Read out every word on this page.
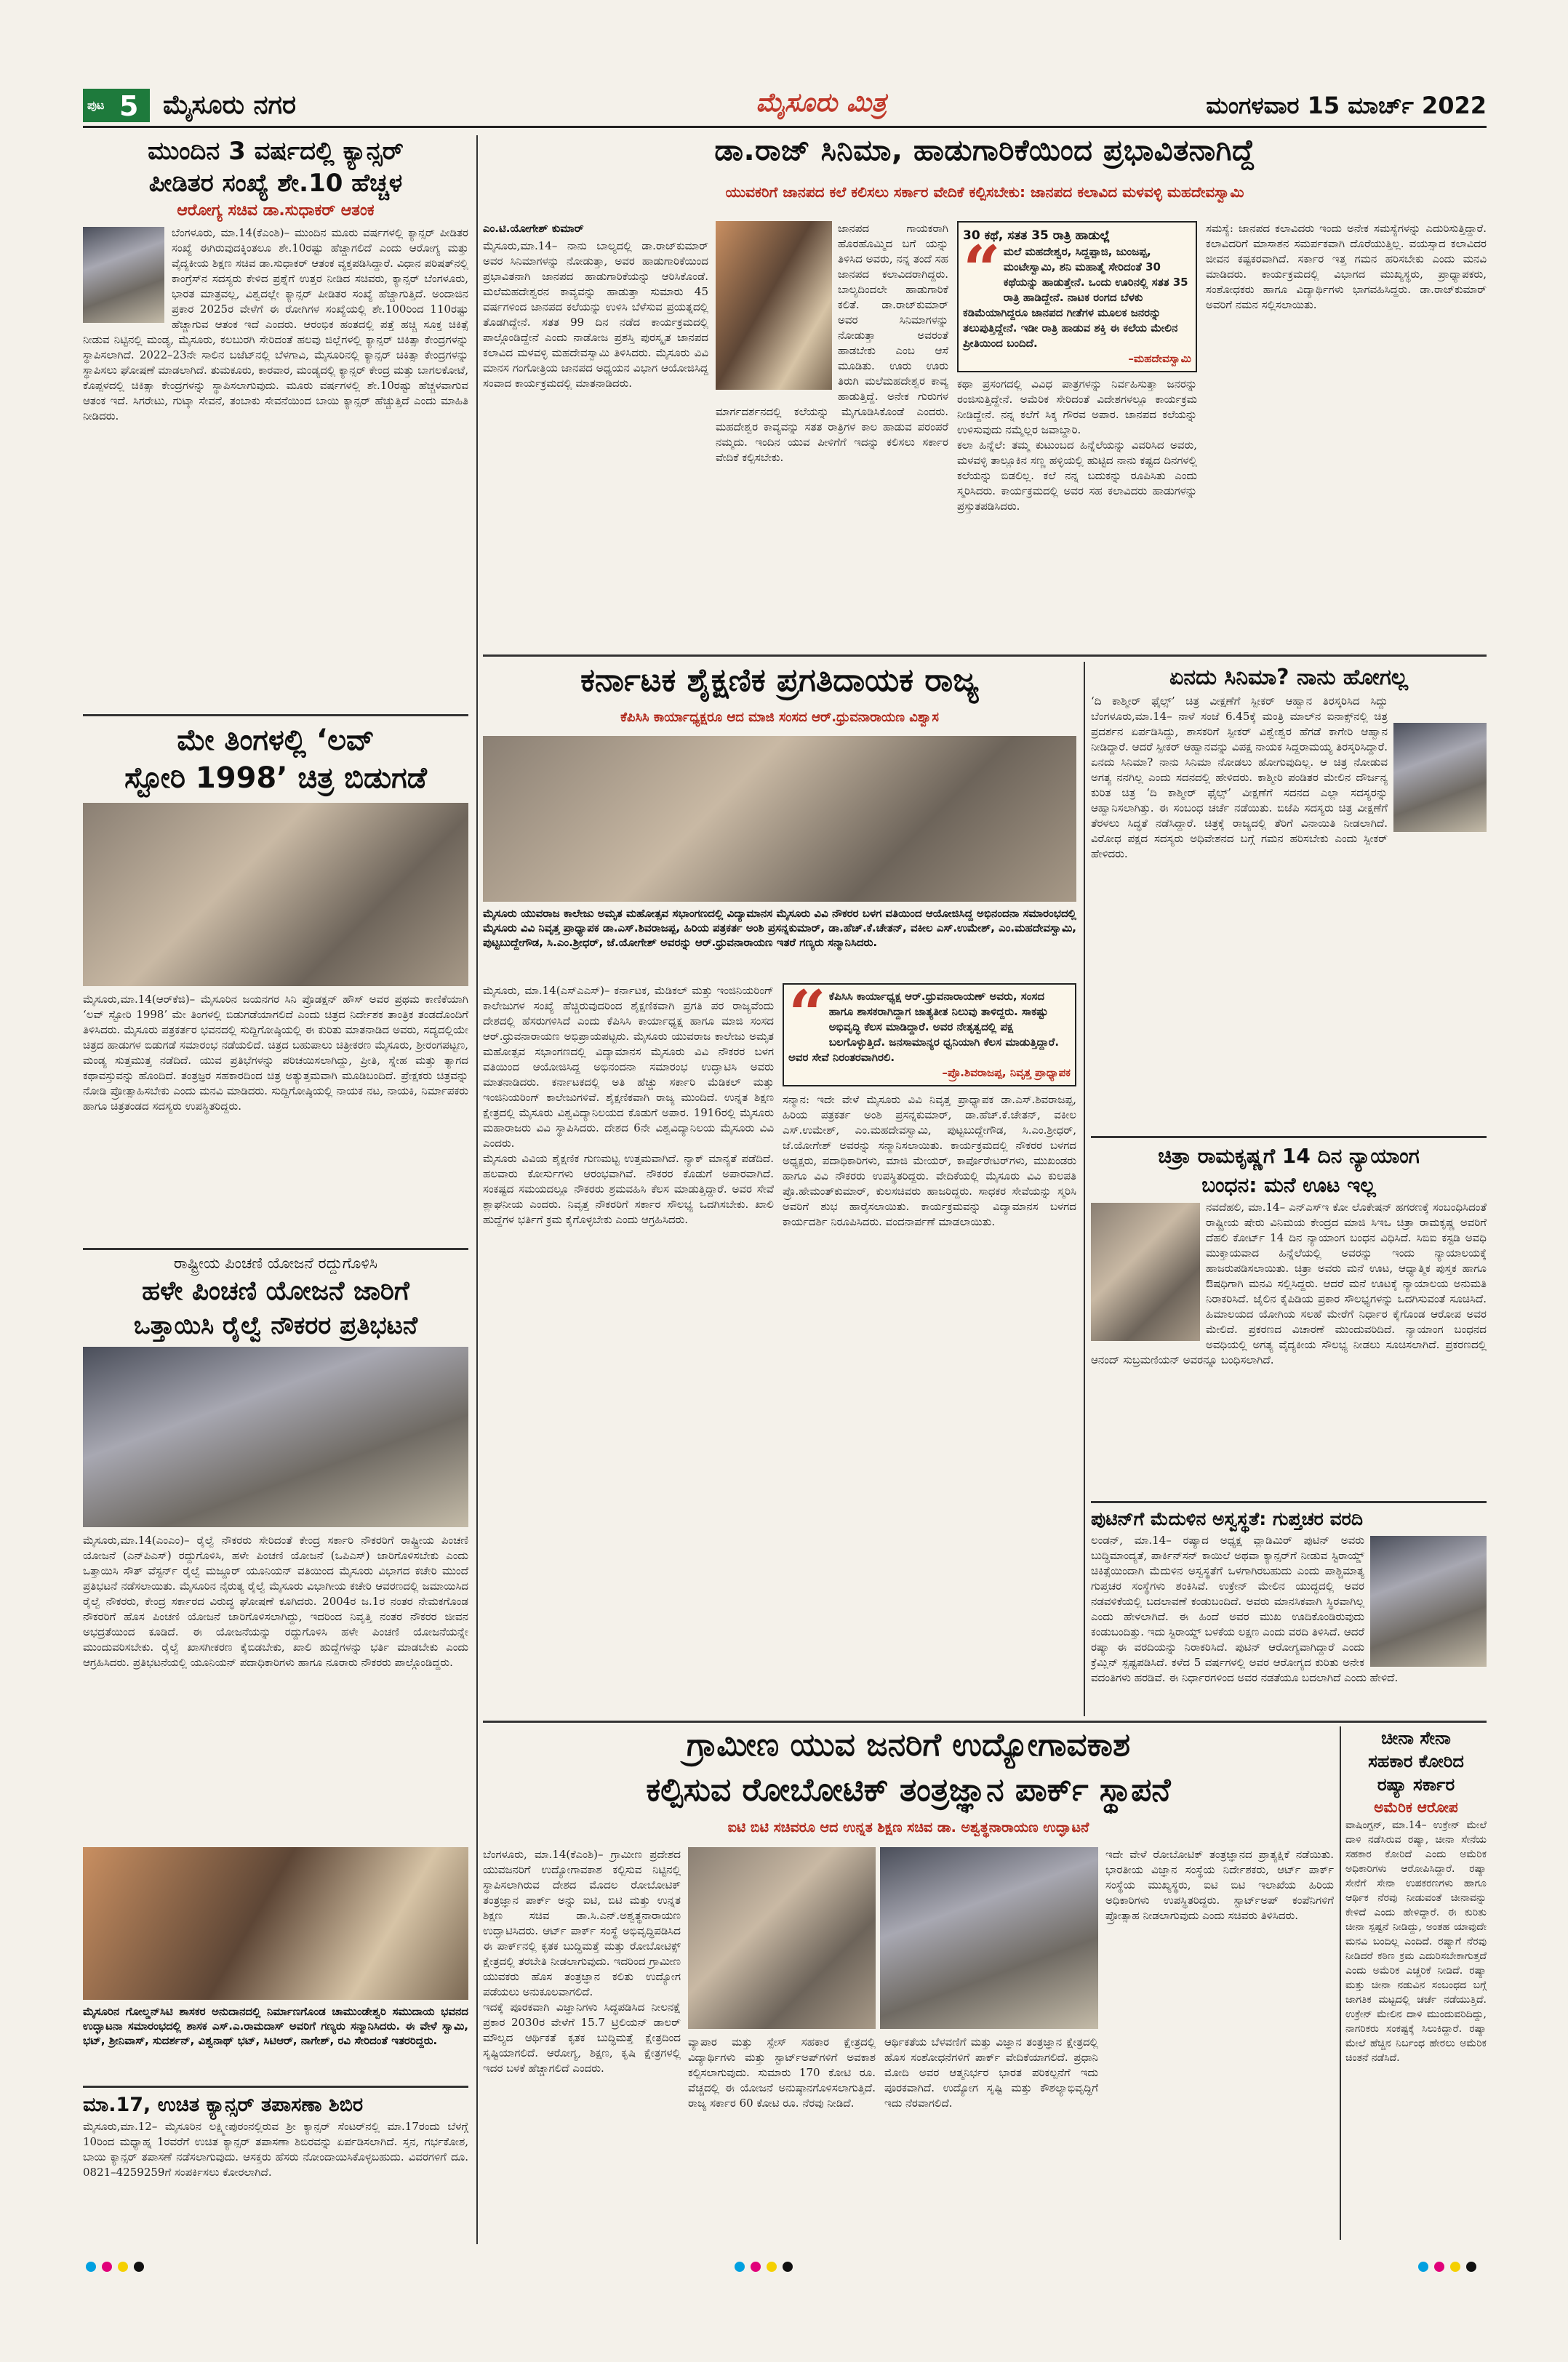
ಪುಟ 5 ಮೈಸೂರು ನಗರ	ಮೈಸೂರು ಮಿತ್ರ	ಮಂಗಳವಾರ 15 ಮಾರ್ಚ್ 2022

ಮುಂದಿನ 3 ವರ್ಷದಲ್ಲಿ ಕ್ಯಾನ್ಸರ್

ಪೀಡಿತರ ಸಂಖ್ಯೆ ಶೇ.10 ಹೆಚ್ಚಳ

ಆರೋಗ್ಯ ಸಚಿವ ಡಾ.ಸುಧಾಕರ್ ಆತಂಕ

ಬೆಂಗಳೂರು, ಮಾ.14(ಕೆಎಂಶಿ)– ಮುಂದಿನ ಮೂರು ವರ್ಷಗಳಲ್ಲಿ ಕ್ಯಾನ್ಸರ್ ಪೀಡಿತರ ಸಂಖ್ಯೆ ಈಗಿರುವುದಕ್ಕಿಂತಲೂ ಶೇ.10ರಷ್ಟು ಹೆಚ್ಚಾಗಲಿದೆ ಎಂದು ಆರೋಗ್ಯ ಮತ್ತು ವೈದ್ಯಕೀಯ ಶಿಕ್ಷಣ ಸಚಿವ ಡಾ.ಸುಧಾಕರ್ ಆತಂಕ ವ್ಯಕ್ತಪಡಿಸಿದ್ದಾರೆ. ವಿಧಾನ ಪರಿಷತ್‌ನಲ್ಲಿ ಕಾಂಗ್ರೆಸ್‌ನ ಸದಸ್ಯರು ಕೇಳಿದ ಪ್ರಶ್ನೆಗೆ ಉತ್ತರ ನೀಡಿದ ಸಚಿವರು, ಕ್ಯಾನ್ಸರ್ ಬೆಂಗಳೂರು, ಭಾರತ ಮಾತ್ರವಲ್ಲ, ವಿಶ್ವದಲ್ಲೇ ಕ್ಯಾನ್ಸರ್ ಪೀಡಿತರ ಸಂಖ್ಯೆ ಹೆಚ್ಚಾಗುತ್ತಿದೆ. ಅಂದಾಜಿನ ಪ್ರಕಾರ 2025ರ ವೇಳೆಗೆ ಈ ರೋಗಿಗಳ ಸಂಖ್ಯೆಯಲ್ಲಿ ಶೇ.100ರಿಂದ 110ರಷ್ಟು ಹೆಚ್ಚಾಗುವ ಆತಂಕ ಇದೆ ಎಂದರು. ಆರಂಭಿಕ ಹಂತದಲ್ಲಿ ಪತ್ತೆ ಹಚ್ಚಿ ಸೂಕ್ತ ಚಿಕಿತ್ಸೆ ನೀಡುವ ನಿಟ್ಟಿನಲ್ಲಿ ಮಂಡ್ಯ, ಮೈಸೂರು, ಕಲಬುರಗಿ ಸೇರಿದಂತೆ ಹಲವು ಜಿಲ್ಲೆಗಳಲ್ಲಿ ಕ್ಯಾನ್ಸರ್ ಚಿಕಿತ್ಸಾ ಕೇಂದ್ರಗಳನ್ನು ಸ್ಥಾಪಿಸಲಾಗಿದೆ. 2022–23ನೇ ಸಾಲಿನ ಬಜೆಟ್‌ನಲ್ಲಿ ಬೆಳಗಾವಿ, ಮೈಸೂರಿನಲ್ಲಿ ಕ್ಯಾನ್ಸರ್ ಚಿಕಿತ್ಸಾ ಕೇಂದ್ರಗಳನ್ನು ಸ್ಥಾಪಿಸಲು ಘೋಷಣೆ ಮಾಡಲಾಗಿದೆ. ತುಮಕೂರು, ಕಾರವಾರ, ಮಂಡ್ಯದಲ್ಲಿ ಕ್ಯಾನ್ಸರ್ ಕೇಂದ್ರ ಮತ್ತು ಬಾಗಲಕೋಟೆ, ಕೊಪ್ಪಳದಲ್ಲಿ ಚಿಕಿತ್ಸಾ ಕೇಂದ್ರಗಳನ್ನು ಸ್ಥಾಪಿಸಲಾಗುವುದು. ಮೂರು ವರ್ಷಗಳಲ್ಲಿ ಶೇ.10ರಷ್ಟು ಹೆಚ್ಚಳವಾಗುವ ಆತಂಕ ಇದೆ. ಸಿಗರೇಟು, ಗುಟ್ಕಾ ಸೇವನೆ, ತಂಬಾಕು ಸೇವನೆಯಿಂದ ಬಾಯಿ ಕ್ಯಾನ್ಸರ್ ಹೆಚ್ಚುತ್ತಿದೆ ಎಂದು ಮಾಹಿತಿ ನೀಡಿದರು.

ಮೇ ತಿಂಗಳಲ್ಲಿ ‘ಲವ್

ಸ್ಟೋರಿ 1998’ ಚಿತ್ರ ಬಿಡುಗಡೆ

ಮೈಸೂರು,ಮಾ.14(ಆರ್‌ಕೆಜಿ)– ಮೈಸೂರಿನ ಜಯನಗರ ಸಿನಿ ಪ್ರೊಡಕ್ಷನ್ ಹೌಸ್ ಅವರ ಪ್ರಥಮ ಕಾಣಿಕೆಯಾಗಿ ‘ಲವ್ ಸ್ಟೋರಿ 1998’ ಮೇ ತಿಂಗಳಲ್ಲಿ ಬಿಡುಗಡೆಯಾಗಲಿದೆ ಎಂದು ಚಿತ್ರದ ನಿರ್ದೇಶಕ ತಾಂತ್ರಿಕ ತಂಡದೊಂದಿಗೆ ತಿಳಿಸಿದರು. ಮೈಸೂರು ಪತ್ರಕರ್ತರ ಭವನದಲ್ಲಿ ಸುದ್ದಿಗೋಷ್ಠಿಯಲ್ಲಿ ಈ ಕುರಿತು ಮಾತನಾಡಿದ ಅವರು, ಸದ್ಯದಲ್ಲಿಯೇ ಚಿತ್ರದ ಹಾಡುಗಳ ಬಿಡುಗಡೆ ಸಮಾರಂಭ ನಡೆಯಲಿದೆ. ಚಿತ್ರದ ಬಹುಪಾಲು ಚಿತ್ರೀಕರಣ ಮೈಸೂರು, ಶ್ರೀರಂಗಪಟ್ಟಣ, ಮಂಡ್ಯ ಸುತ್ತಮುತ್ತ ನಡೆದಿದೆ. ಯುವ ಪ್ರತಿಭೆಗಳನ್ನು ಪರಿಚಯಿಸಲಾಗಿದ್ದು, ಪ್ರೀತಿ, ಸ್ನೇಹ ಮತ್ತು ತ್ಯಾಗದ ಕಥಾವಸ್ತುವನ್ನು ಹೊಂದಿದೆ. ತಂತ್ರಜ್ಞರ ಸಹಕಾರದಿಂದ ಚಿತ್ರ ಅತ್ಯುತ್ತಮವಾಗಿ ಮೂಡಿಬಂದಿದೆ. ಪ್ರೇಕ್ಷಕರು ಚಿತ್ರವನ್ನು ನೋಡಿ ಪ್ರೋತ್ಸಾಹಿಸಬೇಕು ಎಂದು ಮನವಿ ಮಾಡಿದರು. ಸುದ್ದಿಗೋಷ್ಠಿಯಲ್ಲಿ ನಾಯಕ ನಟ, ನಾಯಕಿ, ನಿರ್ಮಾಪಕರು ಹಾಗೂ ಚಿತ್ರತಂಡದ ಸದಸ್ಯರು ಉಪಸ್ಥಿತರಿದ್ದರು.

ರಾಷ್ಟ್ರೀಯ ಪಿಂಚಣಿ ಯೋಜನೆ ರದ್ದುಗೊಳಿಸಿ

ಹಳೇ ಪಿಂಚಣಿ ಯೋಜನೆ ಜಾರಿಗೆ

ಒತ್ತಾಯಿಸಿ ರೈಲ್ವೆ ನೌಕರರ ಪ್ರತಿಭಟನೆ

ಮೈಸೂರು,ಮಾ.14(ಎಂಎಂ)– ರೈಲ್ವೆ ನೌಕರರು ಸೇರಿದಂತೆ ಕೇಂದ್ರ ಸರ್ಕಾರಿ ನೌಕರರಿಗೆ ರಾಷ್ಟ್ರೀಯ ಪಿಂಚಣಿ ಯೋಜನೆ (ಎನ್‌ಪಿಎಸ್) ರದ್ದುಗೊಳಿಸಿ, ಹಳೇ ಪಿಂಚಣಿ ಯೋಜನೆ (ಒಪಿಎಸ್) ಜಾರಿಗೊಳಿಸಬೇಕು ಎಂದು ಒತ್ತಾಯಿಸಿ ಸೌತ್ ವೆಸ್ಟರ್ನ್ ರೈಲ್ವೆ ಮಜ್ದೂರ್ ಯೂನಿಯನ್ ವತಿಯಿಂದ ಮೈಸೂರು ವಿಭಾಗದ ಕಚೇರಿ ಮುಂದೆ ಪ್ರತಿಭಟನೆ ನಡೆಸಲಾಯಿತು. ಮೈಸೂರಿನ ನೈರುತ್ಯ ರೈಲ್ವೆ ಮೈಸೂರು ವಿಭಾಗೀಯ ಕಚೇರಿ ಆವರಣದಲ್ಲಿ ಜಮಾಯಿಸಿದ ರೈಲ್ವೆ ನೌಕರರು, ಕೇಂದ್ರ ಸರ್ಕಾರದ ವಿರುದ್ಧ ಘೋಷಣೆ ಕೂಗಿದರು. 2004ರ ಜ.1ರ ನಂತರ ನೇಮಕಗೊಂಡ ನೌಕರರಿಗೆ ಹೊಸ ಪಿಂಚಣಿ ಯೋಜನೆ ಜಾರಿಗೊಳಿಸಲಾಗಿದ್ದು, ಇದರಿಂದ ನಿವೃತ್ತಿ ನಂತರ ನೌಕರರ ಜೀವನ ಅಭದ್ರತೆಯಿಂದ ಕೂಡಿದೆ. ಈ ಯೋಜನೆಯನ್ನು ರದ್ದುಗೊಳಿಸಿ ಹಳೇ ಪಿಂಚಣಿ ಯೋಜನೆಯನ್ನೇ ಮುಂದುವರಿಸಬೇಕು. ರೈಲ್ವೆ ಖಾಸಗೀಕರಣ ಕೈಬಿಡಬೇಕು, ಖಾಲಿ ಹುದ್ದೆಗಳನ್ನು ಭರ್ತಿ ಮಾಡಬೇಕು ಎಂದು ಆಗ್ರಹಿಸಿದರು. ಪ್ರತಿಭಟನೆಯಲ್ಲಿ ಯೂನಿಯನ್ ಪದಾಧಿಕಾರಿಗಳು ಹಾಗೂ ನೂರಾರು ನೌಕರರು ಪಾಲ್ಗೊಂಡಿದ್ದರು.

ಮೈಸೂರಿನ ಗೋಲ್ಡನ್‌ಸಿಟಿ ಶಾಸಕರ ಅನುದಾನದಲ್ಲಿ ನಿರ್ಮಾಣಗೊಂಡ ಚಾಮುಂಡೇಶ್ವರಿ ಸಮುದಾಯ ಭವನದ ಉದ್ಘಾಟನಾ ಸಮಾರಂಭದಲ್ಲಿ ಶಾಸಕ ಎಸ್.ಎ.ರಾಮದಾಸ್ ಅವರಿಗೆ ಗಣ್ಯರು ಸನ್ಮಾನಿಸಿದರು. ಈ ವೇಳೆ ಸ್ವಾಮಿ, ಭಟ್, ಶ್ರೀನಿವಾಸ್, ಸುದರ್ಶನ್, ವಿಶ್ವನಾಥ್ ಭಟ್, ಸಿಟಿಆರ್, ನಾಗೇಶ್, ರವಿ ಸೇರಿದಂತೆ ಇತರರಿದ್ದರು.

ಮಾ.17, ಉಚಿತ ಕ್ಯಾನ್ಸರ್ ತಪಾಸಣಾ ಶಿಬಿರ

ಮೈಸೂರು,ಮಾ.12– ಮೈಸೂರಿನ ಲಕ್ಷ್ಮೀಪುರಂನಲ್ಲಿರುವ ಶ್ರೀ ಕ್ಯಾನ್ಸರ್ ಸೆಂಟರ್‌ನಲ್ಲಿ ಮಾ.17ರಂದು ಬೆಳಗ್ಗೆ 10ರಿಂದ ಮಧ್ಯಾಹ್ನ 1ರವರೆಗೆ ಉಚಿತ ಕ್ಯಾನ್ಸರ್ ತಪಾಸಣಾ ಶಿಬಿರವನ್ನು ಏರ್ಪಡಿಸಲಾಗಿದೆ. ಸ್ತನ, ಗರ್ಭಕೋಶ, ಬಾಯಿ ಕ್ಯಾನ್ಸರ್ ತಪಾಸಣೆ ನಡೆಸಲಾಗುವುದು. ಆಸಕ್ತರು ಹೆಸರು ನೋಂದಾಯಿಸಿಕೊಳ್ಳಬಹುದು. ವಿವರಗಳಿಗೆ ದೂ. 0821–4259259ಗೆ ಸಂಪರ್ಕಿಸಲು ಕೋರಲಾಗಿದೆ.

ಡಾ.ರಾಜ್ ಸಿನಿಮಾ, ಹಾಡುಗಾರಿಕೆಯಿಂದ ಪ್ರಭಾವಿತನಾಗಿದ್ದೆ
ಯುವಕರಿಗೆ ಜಾನಪದ ಕಲೆ ಕಲಿಸಲು ಸರ್ಕಾರ ವೇದಿಕೆ ಕಲ್ಪಿಸಬೇಕು: ಜಾನಪದ ಕಲಾವಿದ ಮಳವಳ್ಳಿ ಮಹದೇವಸ್ವಾಮಿ

ಎಂ.ಟಿ.ಯೋಗೇಶ್ ಕುಮಾರ್

ಮೈಸೂರು,ಮಾ.14– ನಾನು ಬಾಲ್ಯದಲ್ಲಿ ಡಾ.ರಾಜ್‌ಕುಮಾರ್ ಅವರ ಸಿನಿಮಾಗಳನ್ನು ನೋಡುತ್ತಾ, ಅವರ ಹಾಡುಗಾರಿಕೆಯಿಂದ ಪ್ರಭಾವಿತನಾಗಿ ಜಾನಪದ ಹಾಡುಗಾರಿಕೆಯನ್ನು ಆರಿಸಿಕೊಂಡೆ. ಮಲೆಮಹದೇಶ್ವರನ ಕಾವ್ಯವನ್ನು ಹಾಡುತ್ತಾ ಸುಮಾರು 45 ವರ್ಷಗಳಿಂದ ಜಾನಪದ ಕಲೆಯನ್ನು ಉಳಿಸಿ ಬೆಳೆಸುವ ಪ್ರಯತ್ನದಲ್ಲಿ ತೊಡಗಿದ್ದೇನೆ. ಸತತ 99 ದಿನ ನಡೆದ ಕಾರ್ಯಕ್ರಮದಲ್ಲಿ ಪಾಲ್ಗೊಂಡಿದ್ದೇನೆ ಎಂದು ನಾಡೋಜ ಪ್ರಶಸ್ತಿ ಪುರಸ್ಕೃತ ಜಾನಪದ ಕಲಾವಿದ ಮಳವಳ್ಳಿ ಮಹದೇವಸ್ವಾಮಿ ತಿಳಿಸಿದರು. ಮೈಸೂರು ವಿವಿ ಮಾನಸ ಗಂಗೋತ್ರಿಯ ಜಾನಪದ ಅಧ್ಯಯನ ವಿಭಾಗ ಆಯೋಜಿಸಿದ್ದ ಸಂವಾದ ಕಾರ್ಯಕ್ರಮದಲ್ಲಿ ಮಾತನಾಡಿದರು.

ಜಾನಪದ ಗಾಯಕರಾಗಿ ಹೊರಹೊಮ್ಮಿದ ಬಗೆ ಯನ್ನು ತಿಳಿಸಿದ ಅವರು, ನನ್ನ ತಂದೆ ಸಹ ಜಾನಪದ ಕಲಾವಿದರಾಗಿದ್ದರು. ಬಾಲ್ಯದಿಂದಲೇ ಹಾಡುಗಾರಿಕೆ ಕಲಿತೆ. ಡಾ.ರಾಜ್‌ಕುಮಾರ್ ಅವರ ಸಿನಿಮಾಗಳನ್ನು ನೋಡುತ್ತಾ ಅವರಂತೆ ಹಾಡಬೇಕು ಎಂಬ ಆಸೆ ಮೂಡಿತು. ಊರು ಊರು ತಿರುಗಿ ಮಲೆಮಹದೇಶ್ವರ ಕಾವ್ಯ ಹಾಡುತ್ತಿದ್ದೆ. ಅನೇಕ ಗುರುಗಳ ಮಾರ್ಗದರ್ಶನದಲ್ಲಿ ಕಲೆಯನ್ನು ಮೈಗೂಡಿಸಿಕೊಂಡೆ ಎಂದರು. ಮಹದೇಶ್ವರ ಕಾವ್ಯವನ್ನು ಸತತ ರಾತ್ರಿಗಳ ಕಾಲ ಹಾಡುವ ಪರಂಪರೆ ನಮ್ಮದು. ಇಂದಿನ ಯುವ ಪೀಳಿಗೆಗೆ ಇದನ್ನು ಕಲಿಸಲು ಸರ್ಕಾರ ವೇದಿಕೆ ಕಲ್ಪಿಸಬೇಕು.

30 ಕಥೆ, ಸತತ 35 ರಾತ್ರಿ ಹಾಡುಲ್ಲೆ

“ ಮಲೆ ಮಹದೇಶ್ವರ, ಸಿದ್ದಪ್ಪಾಜಿ, ಜುಂಜಪ್ಪ, ಮಂಟೇಸ್ವಾಮಿ, ಶನಿ ಮಹಾತ್ಮೆ ಸೇರಿದಂತೆ 30 ಕಥೆಯನ್ನು ಹಾಡುತ್ತೇನೆ. ಒಂದು ಊರಿನಲ್ಲಿ ಸತತ 35 ರಾತ್ರಿ ಹಾಡಿದ್ದೇನೆ. ನಾಟಕ ರಂಗದ ಬೆಳಕು ಕಡಿಮೆಯಾಗಿದ್ದರೂ ಜಾನಪದ ಗೀತೆಗಳ ಮೂಲಕ ಜನರನ್ನು ತಲುಪುತ್ತಿದ್ದೇನೆ. ಇಡೀ ರಾತ್ರಿ ಹಾಡುವ ಶಕ್ತಿ ಈ ಕಲೆಯ ಮೇಲಿನ ಪ್ರೀತಿಯಿಂದ ಬಂದಿದೆ.

–ಮಹದೇವಸ್ವಾಮಿ

ಕಥಾ ಪ್ರಸಂಗದಲ್ಲಿ ವಿವಿಧ ಪಾತ್ರಗಳನ್ನು ನಿರ್ವಹಿಸುತ್ತಾ ಜನರನ್ನು ರಂಜಿಸುತ್ತಿದ್ದೇನೆ. ಅಮೆರಿಕ ಸೇರಿದಂತೆ ವಿದೇಶಗಳಲ್ಲೂ ಕಾರ್ಯಕ್ರಮ ನೀಡಿದ್ದೇನೆ. ನನ್ನ ಕಲೆಗೆ ಸಿಕ್ಕ ಗೌರವ ಅಪಾರ. ಜಾನಪದ ಕಲೆಯನ್ನು ಉಳಿಸುವುದು ನಮ್ಮೆಲ್ಲರ ಜವಾಬ್ದಾರಿ.

ಕಲಾ ಹಿನ್ನೆಲೆ: ತಮ್ಮ ಕುಟುಂಬದ ಹಿನ್ನೆಲೆಯನ್ನು ವಿವರಿಸಿದ ಅವರು, ಮಳವಳ್ಳಿ ತಾಲ್ಲೂಕಿನ ಸಣ್ಣ ಹಳ್ಳಿಯಲ್ಲಿ ಹುಟ್ಟಿದ ನಾನು ಕಷ್ಟದ ದಿನಗಳಲ್ಲಿ ಕಲೆಯನ್ನು ಬಿಡಲಿಲ್ಲ. ಕಲೆ ನನ್ನ ಬದುಕನ್ನು ರೂಪಿಸಿತು ಎಂದು ಸ್ಮರಿಸಿದರು. ಕಾರ್ಯಕ್ರಮದಲ್ಲಿ ಅವರ ಸಹ ಕಲಾವಿದರು ಹಾಡುಗಳನ್ನು ಪ್ರಸ್ತುತಪಡಿಸಿದರು.

ಸಮಸ್ಯೆ: ಜಾನಪದ ಕಲಾವಿದರು ಇಂದು ಅನೇಕ ಸಮಸ್ಯೆಗಳನ್ನು ಎದುರಿಸುತ್ತಿದ್ದಾರೆ. ಕಲಾವಿದರಿಗೆ ಮಾಸಾಶನ ಸಮರ್ಪಕವಾಗಿ ದೊರೆಯುತ್ತಿಲ್ಲ. ವಯಸ್ಸಾದ ಕಲಾವಿದರ ಜೀವನ ಕಷ್ಟಕರವಾಗಿದೆ. ಸರ್ಕಾರ ಇತ್ತ ಗಮನ ಹರಿಸಬೇಕು ಎಂದು ಮನವಿ ಮಾಡಿದರು. ಕಾರ್ಯಕ್ರಮದಲ್ಲಿ ವಿಭಾಗದ ಮುಖ್ಯಸ್ಥರು, ಪ್ರಾಧ್ಯಾಪಕರು, ಸಂಶೋಧಕರು ಹಾಗೂ ವಿದ್ಯಾರ್ಥಿಗಳು ಭಾಗವಹಿಸಿದ್ದರು. ಡಾ.ರಾಜ್‌ಕುಮಾರ್ ಅವರಿಗೆ ನಮನ ಸಲ್ಲಿಸಲಾಯಿತು.

ಕರ್ನಾಟಕ ಶೈಕ್ಷಣಿಕ ಪ್ರಗತಿದಾಯಕ ರಾಜ್ಯ
ಕೆಪಿಸಿಸಿ ಕಾರ್ಯಾಧ್ಯಕ್ಷರೂ ಆದ ಮಾಜಿ ಸಂಸದ ಆರ್.ಧ್ರುವನಾರಾಯಣ ವಿಶ್ವಾಸ

ಮೈಸೂರು ಯುವರಾಜ ಕಾಲೇಜು ಅಮೃತ ಮಹೋತ್ಸವ ಸಭಾಂಗಣದಲ್ಲಿ ವಿದ್ಯಾಮಾನಸ ಮೈಸೂರು ವಿವಿ ನೌಕರರ ಬಳಗ ವತಿಯಿಂದ ಆಯೋಜಿಸಿದ್ದ ಅಭಿನಂದನಾ ಸಮಾರಂಭದಲ್ಲಿ ಮೈಸೂರು ವಿವಿ ನಿವೃತ್ತ ಪ್ರಾಧ್ಯಾಪಕ ಡಾ.ಎಸ್.ಶಿವರಾಜಪ್ಪ, ಹಿರಿಯ ಪತ್ರಕರ್ತ ಅಂಶಿ ಪ್ರಸನ್ನಕುಮಾರ್, ಡಾ.ಹೆಚ್.ಕೆ.ಚೇತನ್, ವಕೀಲ ಎಸ್.ಉಮೇಶ್, ಎಂ.ಮಹದೇವಸ್ವಾಮಿ, ಪುಟ್ಟಬುದ್ದೇಗೌಡ, ಸಿ.ಎಂ.ಶ್ರೀಧರ್, ಜೆ.ಯೋಗೇಶ್ ಅವರನ್ನು ಆರ್.ಧ್ರುವನಾರಾಯಣ ಇತರೆ ಗಣ್ಯರು ಸನ್ಮಾನಿಸಿದರು.

ಮೈಸೂರು, ಮಾ.14(ಎಸ್‌ಎಎಸ್)– ಕರ್ನಾಟಕ, ಮೆಡಿಕಲ್ ಮತ್ತು ಇಂಜಿನಿಯರಿಂಗ್ ಕಾಲೇಜುಗಳ ಸಂಖ್ಯೆ ಹೆಚ್ಚಿರುವುದರಿಂದ ಶೈಕ್ಷಣಿಕವಾಗಿ ಪ್ರಗತಿ ಪರ ರಾಜ್ಯವೆಂದು ದೇಶದಲ್ಲಿ ಹೆಸರುಗಳಿಸಿದೆ ಎಂದು ಕೆಪಿಸಿಸಿ ಕಾರ್ಯಾಧ್ಯಕ್ಷ ಹಾಗೂ ಮಾಜಿ ಸಂಸದ ಆರ್.ಧ್ರುವನಾರಾಯಣ ಅಭಿಪ್ರಾಯಪಟ್ಟರು. ಮೈಸೂರು ಯುವರಾಜ ಕಾಲೇಜು ಅಮೃತ ಮಹೋತ್ಸವ ಸಭಾಂಗಣದಲ್ಲಿ ವಿದ್ಯಾಮಾನಸ ಮೈಸೂರು ವಿವಿ ನೌಕರರ ಬಳಗ ವತಿಯಿಂದ ಆಯೋಜಿಸಿದ್ದ ಅಭಿನಂದನಾ ಸಮಾರಂಭ ಉದ್ಘಾಟಿಸಿ ಅವರು ಮಾತನಾಡಿದರು. ಕರ್ನಾಟಕದಲ್ಲಿ ಅತಿ ಹೆಚ್ಚು ಸರ್ಕಾರಿ ಮೆಡಿಕಲ್ ಮತ್ತು ಇಂಜಿನಿಯರಿಂಗ್ ಕಾಲೇಜುಗಳಿವೆ. ಶೈಕ್ಷಣಿಕವಾಗಿ ರಾಜ್ಯ ಮುಂದಿದೆ. ಉನ್ನತ ಶಿಕ್ಷಣ ಕ್ಷೇತ್ರದಲ್ಲಿ ಮೈಸೂರು ವಿಶ್ವವಿದ್ಯಾನಿಲಯದ ಕೊಡುಗೆ ಅಪಾರ. 1916ರಲ್ಲಿ ಮೈಸೂರು ಮಹಾರಾಜರು ವಿವಿ ಸ್ಥಾಪಿಸಿದರು. ದೇಶದ 6ನೇ ವಿಶ್ವವಿದ್ಯಾನಿಲಯ ಮೈಸೂರು ವಿವಿ ಎಂದರು.

ಮೈಸೂರು ವಿವಿಯ ಶೈಕ್ಷಣಿಕ ಗುಣಮಟ್ಟ ಉತ್ತಮವಾಗಿದೆ. ನ್ಯಾಕ್ ಮಾನ್ಯತೆ ಪಡೆದಿದೆ. ಹಲವಾರು ಕೋರ್ಸುಗಳು ಆರಂಭವಾಗಿವೆ. ನೌಕರರ ಕೊಡುಗೆ ಅಪಾರವಾಗಿದೆ. ಸಂಕಷ್ಟದ ಸಮಯದಲ್ಲೂ ನೌಕರರು ಶ್ರಮವಹಿಸಿ ಕೆಲಸ ಮಾಡುತ್ತಿದ್ದಾರೆ. ಅವರ ಸೇವೆ ಶ್ಲಾಘನೀಯ ಎಂದರು. ನಿವೃತ್ತ ನೌಕರರಿಗೆ ಸರ್ಕಾರ ಸೌಲಭ್ಯ ಒದಗಿಸಬೇಕು. ಖಾಲಿ ಹುದ್ದೆಗಳ ಭರ್ತಿಗೆ ಕ್ರಮ ಕೈಗೊಳ್ಳಬೇಕು ಎಂದು ಆಗ್ರಹಿಸಿದರು.

“ ಕೆಪಿಸಿಸಿ ಕಾರ್ಯಾಧ್ಯಕ್ಷ ಆರ್.ಧ್ರುವನಾರಾಯಣ್ ಅವರು, ಸಂಸದ ಹಾಗೂ ಶಾಸಕರಾಗಿದ್ದಾಗ ಜಾತ್ಯತೀತ ನಿಲುವು ತಾಳಿದ್ದರು. ಸಾಕಷ್ಟು ಅಭಿವೃದ್ಧಿ ಕೆಲಸ ಮಾಡಿದ್ದಾರೆ. ಅವರ ನೇತೃತ್ವದಲ್ಲಿ ಪಕ್ಷ ಬಲಗೊಳ್ಳುತ್ತಿದೆ. ಜನಸಾಮಾನ್ಯರ ಧ್ವನಿಯಾಗಿ ಕೆಲಸ ಮಾಡುತ್ತಿದ್ದಾರೆ. ಅವರ ಸೇವೆ ನಿರಂತರವಾಗಿರಲಿ.

–ಪ್ರೊ.ಶಿವರಾಜಪ್ಪ, ನಿವೃತ್ತ ಪ್ರಾಧ್ಯಾಪಕ

ಸನ್ಮಾನ: ಇದೇ ವೇಳೆ ಮೈಸೂರು ವಿವಿ ನಿವೃತ್ತ ಪ್ರಾಧ್ಯಾಪಕ ಡಾ.ಎಸ್.ಶಿವರಾಜಪ್ಪ, ಹಿರಿಯ ಪತ್ರಕರ್ತ ಅಂಶಿ ಪ್ರಸನ್ನಕುಮಾರ್, ಡಾ.ಹೆಚ್.ಕೆ.ಚೇತನ್, ವಕೀಲ ಎಸ್.ಉಮೇಶ್, ಎಂ.ಮಹದೇವಸ್ವಾಮಿ, ಪುಟ್ಟಬುದ್ದೇಗೌಡ, ಸಿ.ಎಂ.ಶ್ರೀಧರ್, ಜೆ.ಯೋಗೇಶ್ ಅವರನ್ನು ಸನ್ಮಾನಿಸಲಾಯಿತು. ಕಾರ್ಯಕ್ರಮದಲ್ಲಿ ನೌಕರರ ಬಳಗದ ಅಧ್ಯಕ್ಷರು, ಪದಾಧಿಕಾರಿಗಳು, ಮಾಜಿ ಮೇಯರ್, ಕಾರ್ಪೊರೇಟರ್‌ಗಳು, ಮುಖಂಡರು ಹಾಗೂ ವಿವಿ ನೌಕರರು ಉಪಸ್ಥಿತರಿದ್ದರು. ವೇದಿಕೆಯಲ್ಲಿ ಮೈಸೂರು ವಿವಿ ಕುಲಪತಿ ಪ್ರೊ.ಹೇಮಂತ್‌ಕುಮಾರ್, ಕುಲಸಚಿವರು ಹಾಜರಿದ್ದರು. ಸಾಧಕರ ಸೇವೆಯನ್ನು ಸ್ಮರಿಸಿ ಅವರಿಗೆ ಶುಭ ಹಾರೈಸಲಾಯಿತು. ಕಾರ್ಯಕ್ರಮವನ್ನು ವಿದ್ಯಾಮಾನಸ ಬಳಗದ ಕಾರ್ಯದರ್ಶಿ ನಿರೂಪಿಸಿದರು. ವಂದನಾರ್ಪಣೆ ಮಾಡಲಾಯಿತು.

ಏನದು ಸಿನಿಮಾ? ನಾನು ಹೋಗಲ್ಲ

‘ದಿ ಕಾಶ್ಮೀರ್ ಫೈಲ್ಸ್’ ಚಿತ್ರ ವೀಕ್ಷಣೆಗೆ ಸ್ಪೀಕರ್ ಆಹ್ವಾನ ತಿರಸ್ಕರಿಸಿದ ಸಿದ್ದು ಬೆಂಗಳೂರು,ಮಾ.14– ನಾಳೆ ಸಂಜೆ 6.45ಕ್ಕೆ ಮಂತ್ರಿ ಮಾಲ್‌ನ ಐನಾಕ್ಸ್‌ನಲ್ಲಿ ಚಿತ್ರ ಪ್ರದರ್ಶನ ಏರ್ಪಡಿಸಿದ್ದು, ಶಾಸಕರಿಗೆ ಸ್ಪೀಕರ್ ವಿಶ್ವೇಶ್ವರ ಹೆಗಡೆ ಕಾಗೇರಿ ಆಹ್ವಾನ ನೀಡಿದ್ದಾರೆ. ಆದರೆ ಸ್ಪೀಕರ್ ಆಹ್ವಾನವನ್ನು ವಿಪಕ್ಷ ನಾಯಕ ಸಿದ್ದರಾಮಯ್ಯ ತಿರಸ್ಕರಿಸಿದ್ದಾರೆ. ಏನದು ಸಿನಿಮಾ? ನಾನು ಸಿನಿಮಾ ನೋಡಲು ಹೋಗುವುದಿಲ್ಲ. ಆ ಚಿತ್ರ ನೋಡುವ ಅಗತ್ಯ ನನಗಿಲ್ಲ ಎಂದು ಸದನದಲ್ಲಿ ಹೇಳಿದರು. ಕಾಶ್ಮೀರಿ ಪಂಡಿತರ ಮೇಲಿನ ದೌರ್ಜನ್ಯ ಕುರಿತ ಚಿತ್ರ ‘ದಿ ಕಾಶ್ಮೀರ್ ಫೈಲ್ಸ್’ ವೀಕ್ಷಣೆಗೆ ಸದನದ ಎಲ್ಲಾ ಸದಸ್ಯರನ್ನು ಆಹ್ವಾನಿಸಲಾಗಿತ್ತು. ಈ ಸಂಬಂಧ ಚರ್ಚೆ ನಡೆಯಿತು. ಬಿಜೆಪಿ ಸದಸ್ಯರು ಚಿತ್ರ ವೀಕ್ಷಣೆಗೆ ತೆರಳಲು ಸಿದ್ಧತೆ ನಡೆಸಿದ್ದಾರೆ. ಚಿತ್ರಕ್ಕೆ ರಾಜ್ಯದಲ್ಲಿ ತೆರಿಗೆ ವಿನಾಯಿತಿ ನೀಡಲಾಗಿದೆ. ವಿರೋಧ ಪಕ್ಷದ ಸದಸ್ಯರು ಅಧಿವೇಶನದ ಬಗ್ಗೆ ಗಮನ ಹರಿಸಬೇಕು ಎಂದು ಸ್ಪೀಕರ್ ಹೇಳಿದರು.

ಚಿತ್ರಾ ರಾಮಕೃಷ್ಣಗೆ 14 ದಿನ ನ್ಯಾಯಾಂಗ

ಬಂಧನ: ಮನೆ ಊಟ ಇಲ್ಲ

ನವದೆಹಲಿ, ಮಾ.14– ಎನ್‌ಎಸ್‌ಇ ಕೋ ಲೊಕೇಷನ್ ಹಗರಣಕ್ಕೆ ಸಂಬಂಧಿಸಿದಂತೆ ರಾಷ್ಟ್ರೀಯ ಷೇರು ವಿನಿಮಯ ಕೇಂದ್ರದ ಮಾಜಿ ಸಿಇಒ ಚಿತ್ರಾ ರಾಮಕೃಷ್ಣ ಅವರಿಗೆ ದೆಹಲಿ ಕೋರ್ಟ್ 14 ದಿನ ನ್ಯಾಯಾಂಗ ಬಂಧನ ವಿಧಿಸಿದೆ. ಸಿಬಿಐ ಕಸ್ಟಡಿ ಅವಧಿ ಮುಕ್ತಾಯವಾದ ಹಿನ್ನೆಲೆಯಲ್ಲಿ ಅವರನ್ನು ಇಂದು ನ್ಯಾಯಾಲಯಕ್ಕೆ ಹಾಜರುಪಡಿಸಲಾಯಿತು. ಚಿತ್ರಾ ಅವರು ಮನೆ ಊಟ, ಆಧ್ಯಾತ್ಮಿಕ ಪುಸ್ತಕ ಹಾಗೂ ಔಷಧಿಗಾಗಿ ಮನವಿ ಸಲ್ಲಿಸಿದ್ದರು. ಆದರೆ ಮನೆ ಊಟಕ್ಕೆ ನ್ಯಾಯಾಲಯ ಅನುಮತಿ ನಿರಾಕರಿಸಿದೆ. ಜೈಲಿನ ಕೈಪಿಡಿಯ ಪ್ರಕಾರ ಸೌಲಭ್ಯಗಳನ್ನು ಒದಗಿಸುವಂತೆ ಸೂಚಿಸಿದೆ. ಹಿಮಾಲಯದ ಯೋಗಿಯ ಸಲಹೆ ಮೇರೆಗೆ ನಿರ್ಧಾರ ಕೈಗೊಂಡ ಆರೋಪ ಅವರ ಮೇಲಿದೆ. ಪ್ರಕರಣದ ವಿಚಾರಣೆ ಮುಂದುವರಿದಿದೆ. ನ್ಯಾಯಾಂಗ ಬಂಧನದ ಅವಧಿಯಲ್ಲಿ ಅಗತ್ಯ ವೈದ್ಯಕೀಯ ಸೌಲಭ್ಯ ನೀಡಲು ಸೂಚಿಸಲಾಗಿದೆ. ಪ್ರಕರಣದಲ್ಲಿ ಆನಂದ್ ಸುಬ್ರಮಣಿಯನ್ ಅವರನ್ನೂ ಬಂಧಿಸಲಾಗಿದೆ.

ಪುಟಿನ್‌ಗೆ ಮೆದುಳಿನ ಅಸ್ವಸ್ಥತೆ: ಗುಪ್ತಚರ ವರದಿ

ಲಂಡನ್, ಮಾ.14– ರಷ್ಯಾದ ಅಧ್ಯಕ್ಷ ವ್ಲಾಡಿಮಿರ್ ಪುಟಿನ್ ಅವರು ಬುದ್ಧಿಮಾಂದ್ಯತೆ, ಪಾರ್ಕಿನ್‌ಸನ್ ಕಾಯಿಲೆ ಅಥವಾ ಕ್ಯಾನ್ಸರ್‌ಗೆ ನೀಡುವ ಸ್ಟಿರಾಯ್ಡ್ ಚಿಕಿತ್ಸೆಯಿಂದಾಗಿ ಮೆದುಳಿನ ಅಸ್ವಸ್ಥತೆಗೆ ಒಳಗಾಗಿರಬಹುದು ಎಂದು ಪಾಶ್ಚಿಮಾತ್ಯ ಗುಪ್ತಚರ ಸಂಸ್ಥೆಗಳು ಶಂಕಿಸಿವೆ. ಉಕ್ರೇನ್ ಮೇಲಿನ ಯುದ್ಧದಲ್ಲಿ ಅವರ ನಡವಳಿಕೆಯಲ್ಲಿ ಬದಲಾವಣೆ ಕಂಡುಬಂದಿದೆ. ಅವರು ಮಾನಸಿಕವಾಗಿ ಸ್ಥಿರವಾಗಿಲ್ಲ ಎಂದು ಹೇಳಲಾಗಿದೆ. ಈ ಹಿಂದೆ ಅವರ ಮುಖ ಊದಿಕೊಂಡಿರುವುದು ಕಂಡುಬಂದಿತ್ತು. ಇದು ಸ್ಟಿರಾಯ್ಡ್ ಬಳಕೆಯ ಲಕ್ಷಣ ಎಂದು ವರದಿ ತಿಳಿಸಿದೆ. ಆದರೆ ರಷ್ಯಾ ಈ ವರದಿಯನ್ನು ನಿರಾಕರಿಸಿದೆ. ಪುಟಿನ್ ಆರೋಗ್ಯವಾಗಿದ್ದಾರೆ ಎಂದು ಕ್ರೆಮ್ಲಿನ್ ಸ್ಪಷ್ಟಪಡಿಸಿದೆ. ಕಳೆದ 5 ವರ್ಷಗಳಲ್ಲಿ ಅವರ ಆರೋಗ್ಯದ ಕುರಿತು ಅನೇಕ ವದಂತಿಗಳು ಹರಡಿವೆ. ಈ ನಿರ್ಧಾರಗಳಿಂದ ಅವರ ನಡತೆಯೂ ಬದಲಾಗಿದೆ ಎಂದು ಹೇಳಿದೆ.

ಗ್ರಾಮೀಣ ಯುವ ಜನರಿಗೆ ಉದ್ಯೋಗಾವಕಾಶ
ಕಲ್ಪಿಸುವ ರೋಬೋಟಿಕ್ ತಂತ್ರಜ್ಞಾನ ಪಾರ್ಕ್ ಸ್ಥಾಪನೆ
ಐಟಿ ಬಿಟಿ ಸಚಿವರೂ ಆದ ಉನ್ನತ ಶಿಕ್ಷಣ ಸಚಿವ ಡಾ. ಅಶ್ವತ್ಥನಾರಾಯಣ ಉದ್ಘಾಟನೆ

ಬೆಂಗಳೂರು, ಮಾ.14(ಕೆಎಂಶಿ)– ಗ್ರಾಮೀಣ ಪ್ರದೇಶದ ಯುವಜನರಿಗೆ ಉದ್ಯೋಗಾವಕಾಶ ಕಲ್ಪಿಸುವ ನಿಟ್ಟಿನಲ್ಲಿ ಸ್ಥಾಪಿಸಲಾಗಿರುವ ದೇಶದ ಮೊದಲ ರೋಬೋಟಿಕ್ ತಂತ್ರಜ್ಞಾನ ಪಾರ್ಕ್ ಅನ್ನು ಐಟಿ, ಬಿಟಿ ಮತ್ತು ಉನ್ನತ ಶಿಕ್ಷಣ ಸಚಿವ ಡಾ.ಸಿ.ಎನ್.ಅಶ್ವತ್ಥನಾರಾಯಣ ಉದ್ಘಾಟಿಸಿದರು. ಆರ್ಟ್ ಪಾರ್ಕ್ ಸಂಸ್ಥೆ ಅಭಿವೃದ್ಧಿಪಡಿಸಿದ ಈ ಪಾರ್ಕ್‌ನಲ್ಲಿ ಕೃತಕ ಬುದ್ಧಿಮತ್ತೆ ಮತ್ತು ರೋಬೋಟಿಕ್ಸ್ ಕ್ಷೇತ್ರದಲ್ಲಿ ತರಬೇತಿ ನೀಡಲಾಗುವುದು. ಇದರಿಂದ ಗ್ರಾಮೀಣ ಯುವಕರು ಹೊಸ ತಂತ್ರಜ್ಞಾನ ಕಲಿತು ಉದ್ಯೋಗ ಪಡೆಯಲು ಅನುಕೂಲವಾಗಲಿದೆ.

ಇದಕ್ಕೆ ಪೂರಕವಾಗಿ ವಿಜ್ಞಾನಿಗಳು ಸಿದ್ಧಪಡಿಸಿದ ನೀಲನಕ್ಷೆ ಪ್ರಕಾರ 2030ರ ವೇಳೆಗೆ 15.7 ಟ್ರಿಲಿಯನ್ ಡಾಲರ್ ಮೌಲ್ಯದ ಆರ್ಥಿಕತೆ ಕೃತಕ ಬುದ್ಧಿಮತ್ತೆ ಕ್ಷೇತ್ರದಿಂದ ಸೃಷ್ಟಿಯಾಗಲಿದೆ. ಆರೋಗ್ಯ, ಶಿಕ್ಷಣ, ಕೃಷಿ ಕ್ಷೇತ್ರಗಳಲ್ಲಿ ಇದರ ಬಳಕೆ ಹೆಚ್ಚಾಗಲಿದೆ ಎಂದರು.

ವ್ಯಾಪಾರ ಮತ್ತು ಸ್ಪೇಸ್ ಸಹಕಾರ ಕ್ಷೇತ್ರದಲ್ಲಿ ವಿದ್ಯಾರ್ಥಿಗಳು ಮತ್ತು ಸ್ಟಾರ್ಟ್‌ಅಪ್‌ಗಳಿಗೆ ಅವಕಾಶ ಕಲ್ಪಿಸಲಾಗುವುದು. ಸುಮಾರು 170 ಕೋಟಿ ರೂ. ವೆಚ್ಚದಲ್ಲಿ ಈ ಯೋಜನೆ ಅನುಷ್ಠಾನಗೊಳಿಸಲಾಗುತ್ತಿದೆ. ರಾಜ್ಯ ಸರ್ಕಾರ 60 ಕೋಟಿ ರೂ. ನೆರವು ನೀಡಿದೆ.

ಆರ್ಥಿಕತೆಯ ಬೆಳವಣಿಗೆ ಮತ್ತು ವಿಜ್ಞಾನ ತಂತ್ರಜ್ಞಾನ ಕ್ಷೇತ್ರದಲ್ಲಿ ಹೊಸ ಸಂಶೋಧನೆಗಳಿಗೆ ಪಾರ್ಕ್ ವೇದಿಕೆಯಾಗಲಿದೆ. ಪ್ರಧಾನಿ ಮೋದಿ ಅವರ ಆತ್ಮನಿರ್ಭರ ಭಾರತ ಪರಿಕಲ್ಪನೆಗೆ ಇದು ಪೂರಕವಾಗಿದೆ. ಉದ್ಯೋಗ ಸೃಷ್ಟಿ ಮತ್ತು ಕೌಶಲ್ಯಾಭಿವೃದ್ಧಿಗೆ ಇದು ನೆರವಾಗಲಿದೆ.

ಇದೇ ವೇಳೆ ರೋಬೋಟಿಕ್ ತಂತ್ರಜ್ಞಾನದ ಪ್ರಾತ್ಯಕ್ಷಿಕೆ ನಡೆಯಿತು. ಭಾರತೀಯ ವಿಜ್ಞಾನ ಸಂಸ್ಥೆಯ ನಿರ್ದೇಶಕರು, ಆರ್ಟ್ ಪಾರ್ಕ್ ಸಂಸ್ಥೆಯ ಮುಖ್ಯಸ್ಥರು, ಐಟಿ ಬಿಟಿ ಇಲಾಖೆಯ ಹಿರಿಯ ಅಧಿಕಾರಿಗಳು ಉಪಸ್ಥಿತರಿದ್ದರು. ಸ್ಟಾರ್ಟ್‌ಅಪ್ ಕಂಪೆನಿಗಳಿಗೆ ಪ್ರೋತ್ಸಾಹ ನೀಡಲಾಗುವುದು ಎಂದು ಸಚಿವರು ತಿಳಿಸಿದರು.

ಚೀನಾ ಸೇನಾ

ಸಹಕಾರ ಕೋರಿದ

ರಷ್ಯಾ ಸರ್ಕಾರ

ಅಮೆರಿಕ ಆರೋಪ

ವಾಷಿಂಗ್ಟನ್, ಮಾ.14– ಉಕ್ರೇನ್ ಮೇಲೆ ದಾಳಿ ನಡೆಸಿರುವ ರಷ್ಯಾ, ಚೀನಾ ಸೇನೆಯ ಸಹಕಾರ ಕೋರಿದೆ ಎಂದು ಅಮೆರಿಕ ಅಧಿಕಾರಿಗಳು ಆರೋಪಿಸಿದ್ದಾರೆ. ರಷ್ಯಾ ಸೇನೆಗೆ ಸೇನಾ ಉಪಕರಣಗಳು ಹಾಗೂ ಆರ್ಥಿಕ ನೆರವು ನೀಡುವಂತೆ ಚೀನಾವನ್ನು ಕೇಳಿದೆ ಎಂದು ಹೇಳಿದ್ದಾರೆ. ಈ ಕುರಿತು ಚೀನಾ ಸ್ಪಷ್ಟನೆ ನೀಡಿದ್ದು, ಅಂತಹ ಯಾವುದೇ ಮನವಿ ಬಂದಿಲ್ಲ ಎಂದಿದೆ. ರಷ್ಯಾಗೆ ನೆರವು ನೀಡಿದರೆ ಕಠಿಣ ಕ್ರಮ ಎದುರಿಸಬೇಕಾಗುತ್ತದೆ ಎಂದು ಅಮೆರಿಕ ಎಚ್ಚರಿಕೆ ನೀಡಿದೆ. ರಷ್ಯಾ ಮತ್ತು ಚೀನಾ ನಡುವಿನ ಸಂಬಂಧದ ಬಗ್ಗೆ ಜಾಗತಿಕ ಮಟ್ಟದಲ್ಲಿ ಚರ್ಚೆ ನಡೆಯುತ್ತಿದೆ. ಉಕ್ರೇನ್ ಮೇಲಿನ ದಾಳಿ ಮುಂದುವರಿದಿದ್ದು, ನಾಗರಿಕರು ಸಂಕಷ್ಟಕ್ಕೆ ಸಿಲುಕಿದ್ದಾರೆ. ರಷ್ಯಾ ಮೇಲೆ ಹೆಚ್ಚಿನ ನಿರ್ಬಂಧ ಹೇರಲು ಅಮೆರಿಕ ಚಿಂತನೆ ನಡೆಸಿದೆ.
